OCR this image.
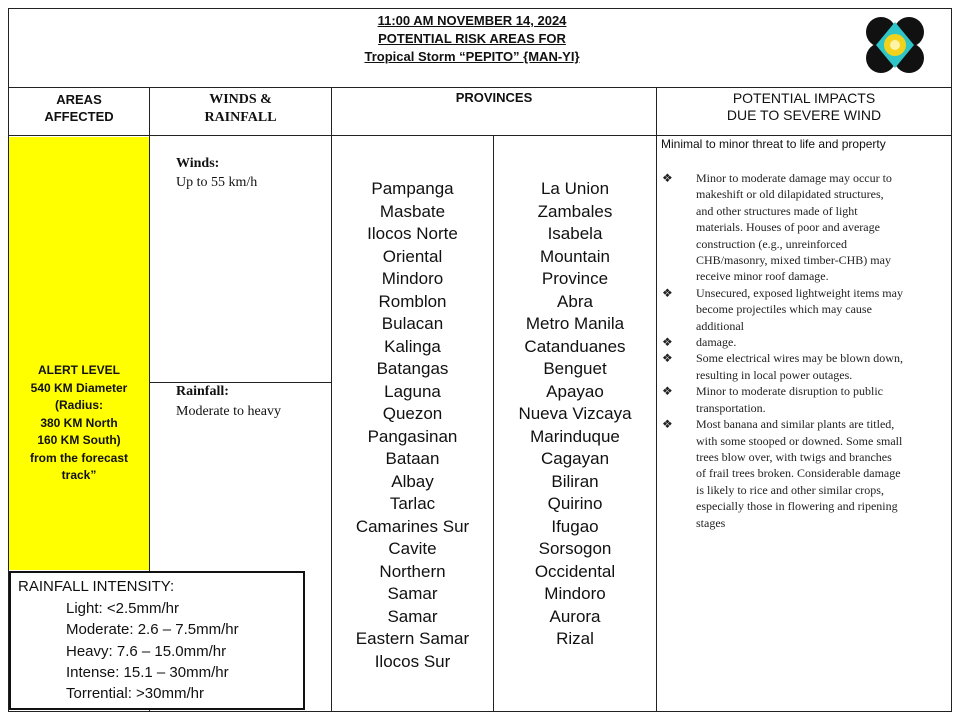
11:00 AM NOVEMBER 14, 2024
POTENTIAL RISK AREAS FOR
Tropical Storm “PEPITO” {MAN-YI}
AREAS
AFFECTED
WINDS &
RAINFALL
PROVINCES	POTENTIAL IMPACTS
DUE TO SEVERE WIND
ALERT LEVEL
540 KM Diameter
(Radius:
380 KM North
160 KM South)
from the forecast
track”
Winds:
Up to 55 km/h
Rainfall:
Moderate to heavy
Pampanga
Masbate
Ilocos Norte
Oriental
Mindoro
Romblon
Bulacan
Kalinga
Batangas
Laguna
Quezon
Pangasinan
Bataan
Albay
Tarlac
Camarines Sur
Cavite
Northern
Samar
Samar
Eastern Samar
Ilocos Sur
La Union
Zambales
Isabela
Mountain
Province
Abra
Metro Manila
Catanduanes
Benguet
Apayao
Nueva Vizcaya
Marinduque
Cagayan
Biliran
Quirino
Ifugao
Sorsogon
Occidental
Mindoro
Aurora
Rizal
Minimal to minor threat to life and property
❖ Minor to moderate damage may occur to
makeshift or old dilapidated structures,
and other structures made of light
materials. Houses of poor and average
construction (e.g., unreinforced
CHB/masonry, mixed timber-CHB) may
receive minor roof damage.
❖ Unsecured, exposed lightweight items may
become projectiles which may cause
additional
❖ damage.
❖ Some electrical wires may be blown down,
resulting in local power outages.
❖ Minor to moderate disruption to public
transportation.
❖ Most banana and similar plants are titled,
with some stooped or downed. Some small
trees blow over, with twigs and branches
of frail trees broken. Considerable damage
is likely to rice and other similar crops,
especially those in flowering and ripening
stages
RAINFALL INTENSITY:
Light: <2.5mm/hr
Moderate: 2.6 – 7.5mm/hr
Heavy: 7.6 – 15.0mm/hr
Intense: 15.1 – 30mm/hr
Torrential: >30mm/hr
